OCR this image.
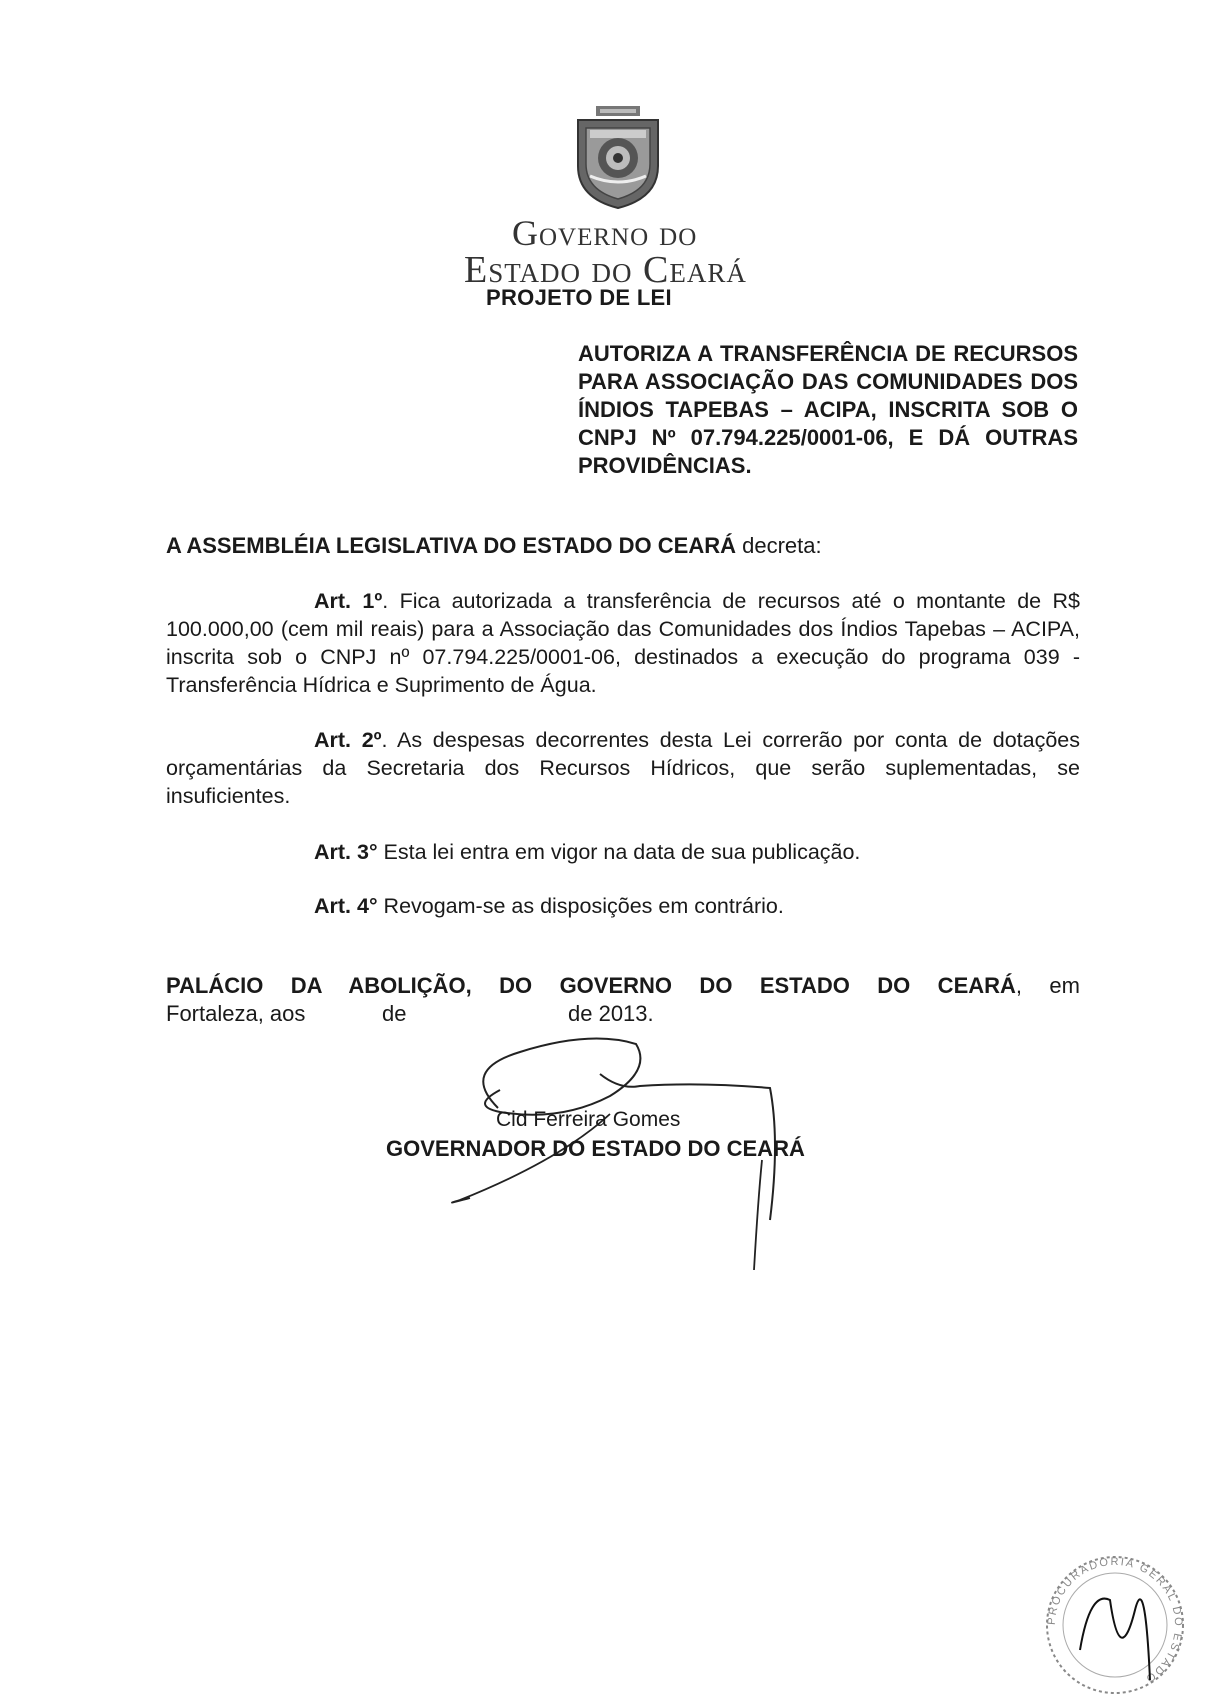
Governo do
Estado do Ceará
PROJETO DE LEI
AUTORIZA A TRANSFERÊNCIA DE RECURSOS PARA ASSOCIAÇÃO DAS COMUNIDADES DOS ÍNDIOS TAPEBAS – ACIPA, INSCRITA SOB O CNPJ Nº 07.794.225/0001-06, E DÁ OUTRAS PROVIDÊNCIAS.
A ASSEMBLÉIA LEGISLATIVA DO ESTADO DO CEARÁ decreta:
Art. 1º. Fica autorizada a transferência de recursos até o montante de R$ 100.000,00 (cem mil reais) para a Associação das Comunidades dos Índios Tapebas – ACIPA, inscrita sob o CNPJ nº 07.794.225/0001-06, destinados a execução do programa 039 - Transferência Hídrica e Suprimento de Água.
Art. 2º. As despesas decorrentes desta Lei correrão por conta de dotações orçamentárias da Secretaria dos Recursos Hídricos, que serão suplementadas, se insuficientes.
Art. 3° Esta lei entra em vigor na data de sua publicação.
Art. 4° Revogam-se as disposições em contrário.
PALÁCIO DA ABOLIÇÃO, DO GOVERNO DO ESTADO DO CEARÁ, em
Fortaleza, aos	de	de 2013.
Cid Ferreira Gomes
GOVERNADOR DO ESTADO DO CEARÁ
PROCURADORIA GERAL DO ESTADO
